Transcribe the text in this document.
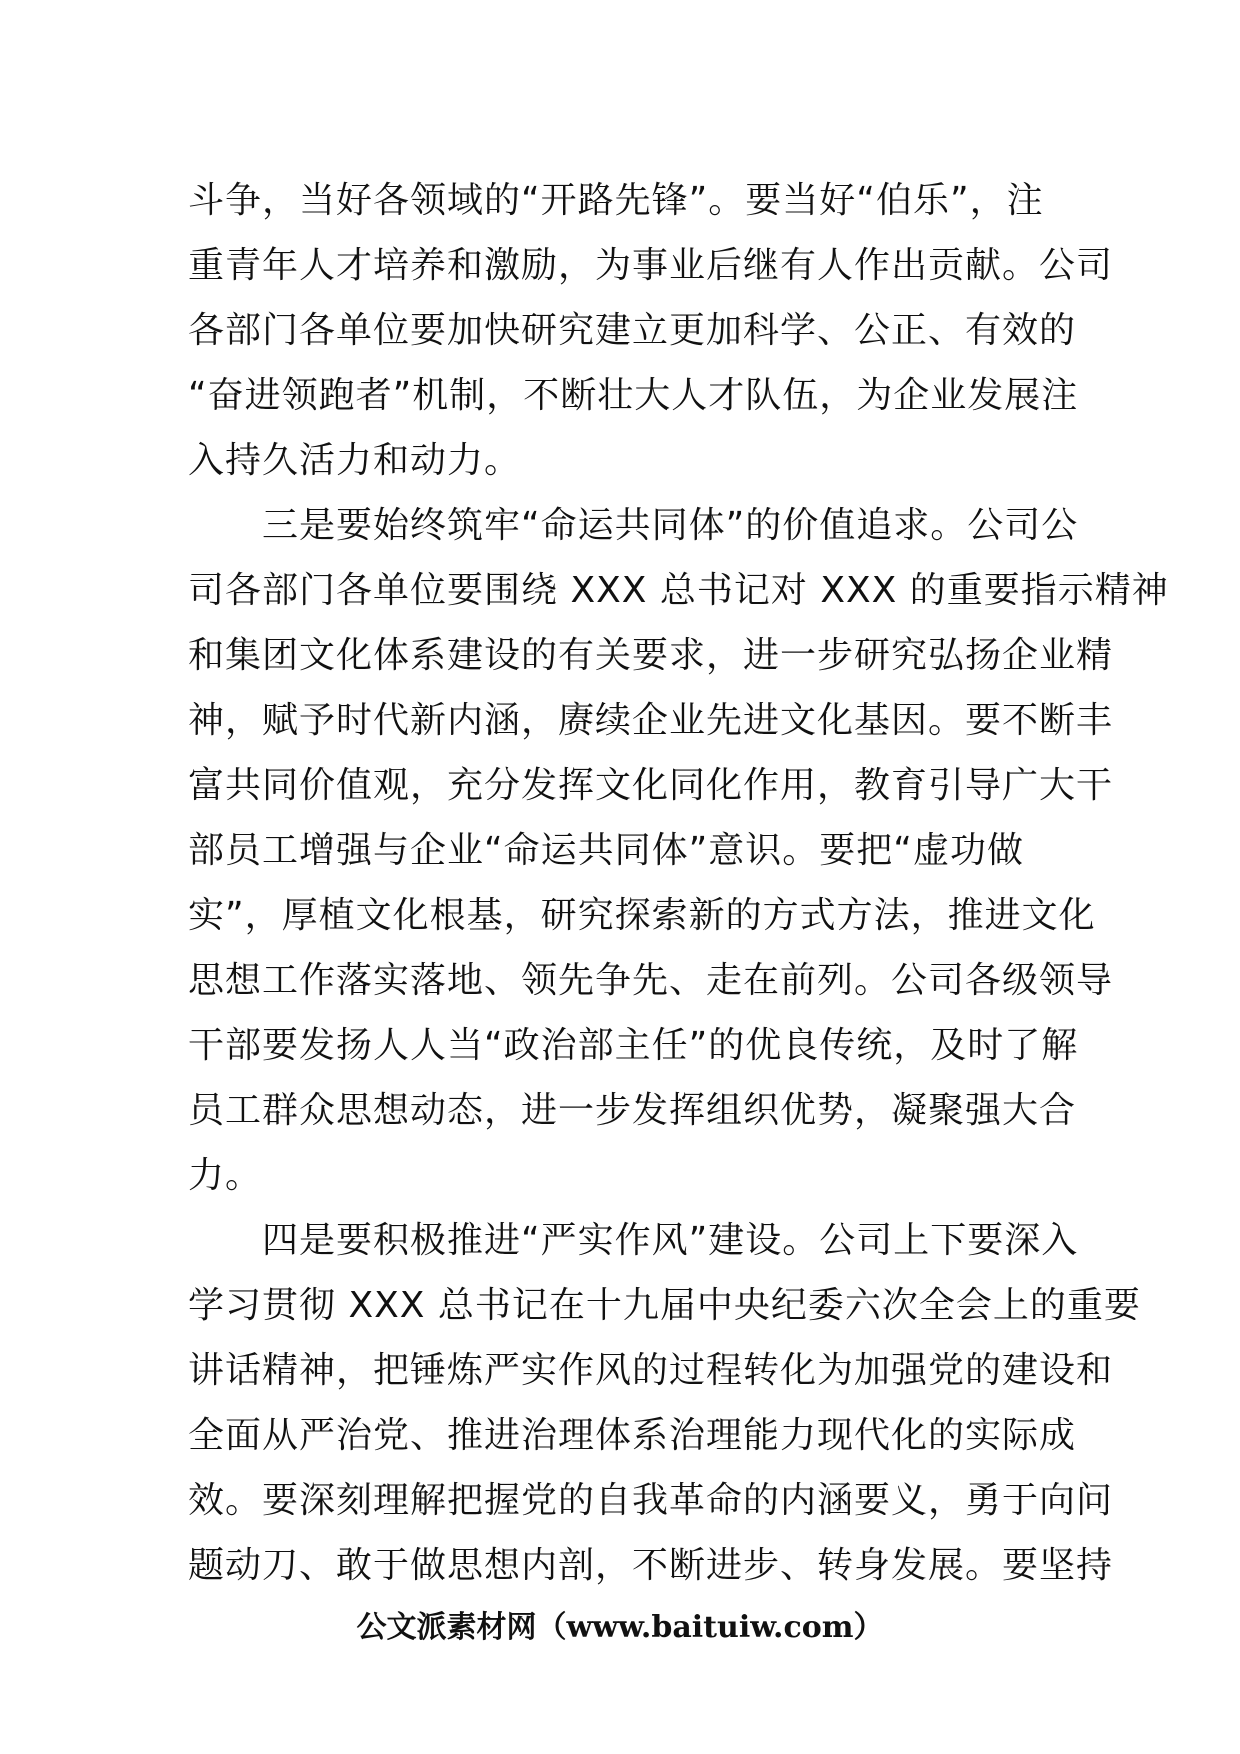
斗争，当好各领域的“开路先锋”。要当好“伯乐”，注
重青年人才培养和激励，为事业后继有人作出贡献。公司
各部门各单位要加快研究建立更加科学、公正、有效的
“奋进领跑者”机制，不断壮大人才队伍，为企业发展注
入持久活力和动力。
　　三是要始终筑牢“命运共同体”的价值追求。公司公
司各部门各单位要围绕 XXX 总书记对 XXX 的重要指示精神
和集团文化体系建设的有关要求，进一步研究弘扬企业精
神，赋予时代新内涵，赓续企业先进文化基因。要不断丰
富共同价值观，充分发挥文化同化作用，教育引导广大干
部员工增强与企业“命运共同体”意识。要把“虚功做
实”，厚植文化根基，研究探索新的方式方法，推进文化
思想工作落实落地、领先争先、走在前列。公司各级领导
干部要发扬人人当“政治部主任”的优良传统，及时了解
员工群众思想动态，进一步发挥组织优势，凝聚强大合
力。
　　四是要积极推进“严实作风”建设。公司上下要深入
学习贯彻 XXX 总书记在十九届中央纪委六次全会上的重要
讲话精神，把锤炼严实作风的过程转化为加强党的建设和
全面从严治党、推进治理体系治理能力现代化的实际成
效。要深刻理解把握党的自我革命的内涵要义，勇于向问
题动刀、敢于做思想内剖，不断进步、转身发展。要坚持
公文派素材网（www.baituiw.com）
